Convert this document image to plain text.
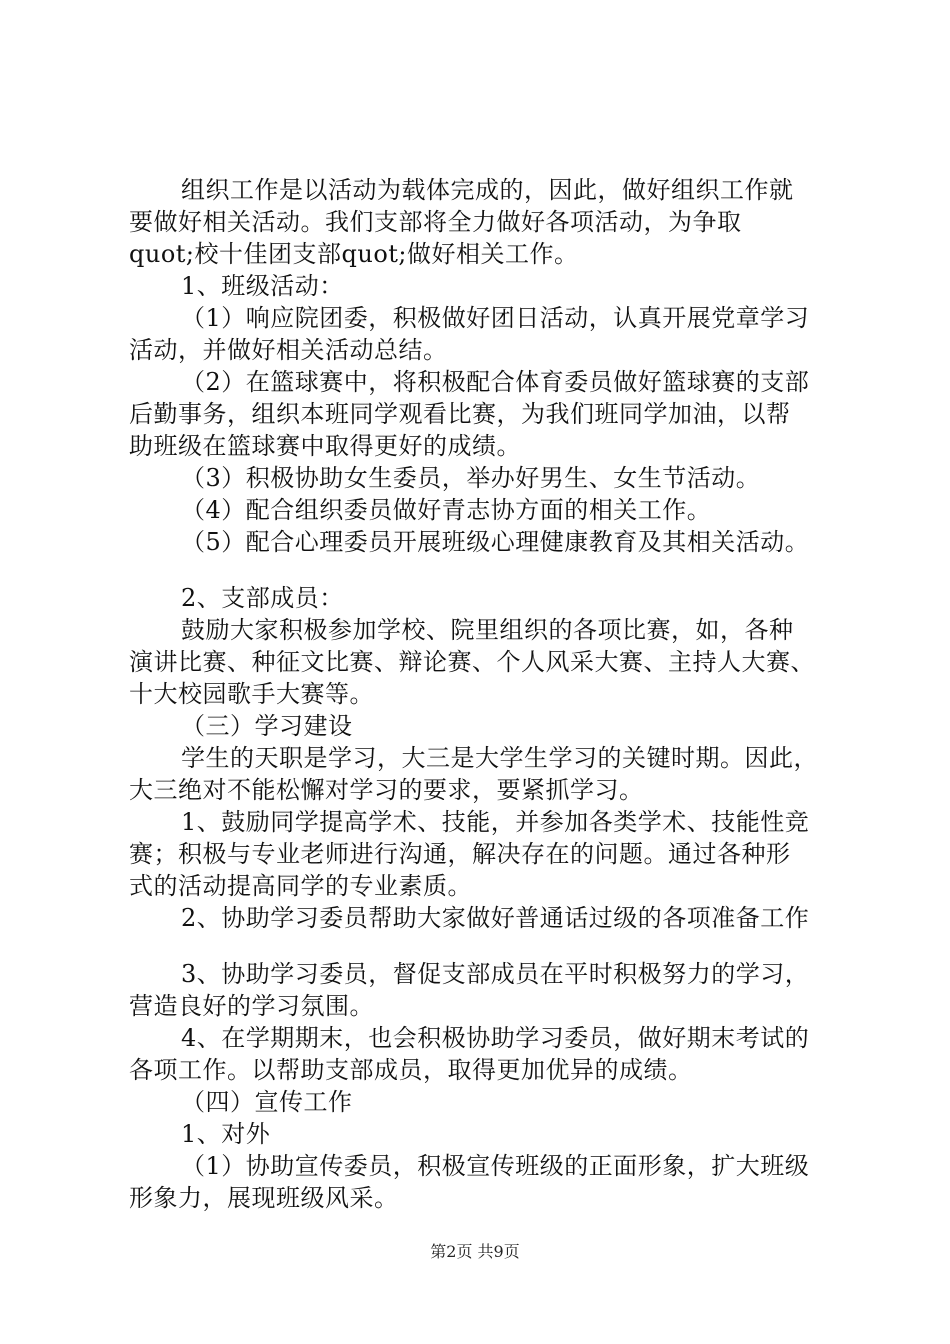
组织工作是以活动为载体完成的，因此，做好组织工作就
要做好相关活动。我们支部将全力做好各项活动，为争取
quot;校十佳团支部quot;做好相关工作。
1、班级活动：
（1）响应院团委，积极做好团日活动，认真开展党章学习
活动，并做好相关活动总结。
（2）在篮球赛中，将积极配合体育委员做好篮球赛的支部
后勤事务，组织本班同学观看比赛，为我们班同学加油，以帮
助班级在篮球赛中取得更好的成绩。
（3）积极协助女生委员，举办好男生、女生节活动。
（4）配合组织委员做好青志协方面的相关工作。
（5）配合心理委员开展班级心理健康教育及其相关活动。
2、支部成员：
鼓励大家积极参加学校、院里组织的各项比赛，如，各种
演讲比赛、种征文比赛、辩论赛、个人风采大赛、主持人大赛、
十大校园歌手大赛等。
（三）学习建设
学生的天职是学习，大三是大学生学习的关键时期。因此，
大三绝对不能松懈对学习的要求，要紧抓学习。
1、鼓励同学提高学术、技能，并参加各类学术、技能性竞
赛；积极与专业老师进行沟通，解决存在的问题。通过各种形
式的活动提高同学的专业素质。
2、协助学习委员帮助大家做好普通话过级的各项准备工作
3、协助学习委员，督促支部成员在平时积极努力的学习，
营造良好的学习氛围。
4、在学期期末，也会积极协助学习委员，做好期末考试的
各项工作。以帮助支部成员，取得更加优异的成绩。
（四）宣传工作
1、对外
（1）协助宣传委员，积极宣传班级的正面形象，扩大班级
形象力，展现班级风采。
第2页 共9页
